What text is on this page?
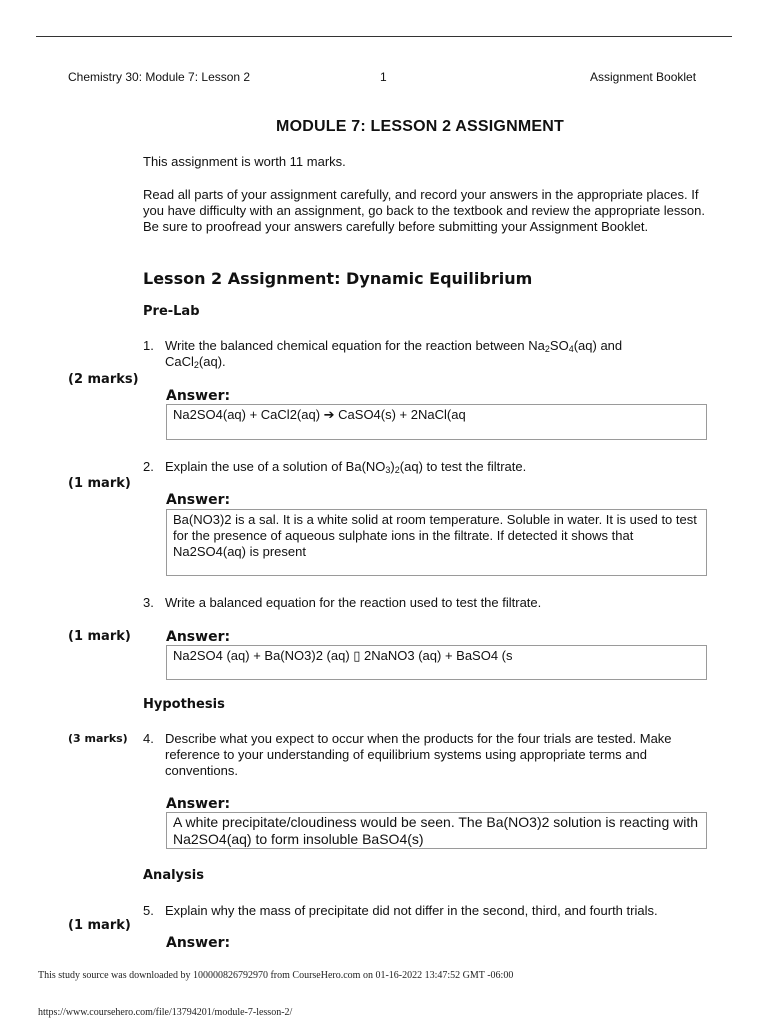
Chemistry 30: Module 7: Lesson 2	1	Assignment Booklet
MODULE 7: LESSON 2 ASSIGNMENT
This assignment is worth 11 marks.
Read all parts of your assignment carefully, and record your answers in the appropriate places. If you have difficulty with an assignment, go back to the textbook and review the appropriate lesson. Be sure to proofread your answers carefully before submitting your Assignment Booklet.
Lesson 2 Assignment: Dynamic Equilibrium
Pre-Lab
1. Write the balanced chemical equation for the reaction between $Na_2SO_4(aq)$ and
CaCl$_2$(aq).
(2 marks)
Answer:
Na2SO4(aq) + CaCl2(aq) ➔ CaSO4(s) + 2NaCl(aq
2. Explain the use of a solution of $Ba(NO_3)_2(aq)$ to test the filtrate.
(1 mark)
Answer:
Ba(NO3)2 is a sal. It is a white solid at room temperature. Soluble in water. It is used to test for the presence of aqueous sulphate ions in the filtrate. If detected it shows that Na2SO4(aq) is present
3. Write a balanced equation for the reaction used to test the filtrate.
(1 mark)	Answer:
Na2SO4 (aq) + Ba(NO3)2 (aq) ▯ 2NaNO3 (aq) + BaSO4 (s
Hypothesis
(3 marks) 4. Describe what you expect to occur when the products for the four trials are tested. Make reference to your understanding of equilibrium systems using appropriate terms and conventions.
Answer:
A white precipitate/cloudiness would be seen. The Ba(NO3)2 solution is reacting with Na2SO4(aq) to form insoluble BaSO4(s)
Analysis
5. Explain why the mass of precipitate did not differ in the second, third, and fourth trials.
(1 mark)
Answer:
This study source was downloaded by 100000826792970 from CourseHero.com on 01-16-2022 13:47:52 GMT -06:00
https://www.coursehero.com/file/13794201/module-7-lesson-2/
